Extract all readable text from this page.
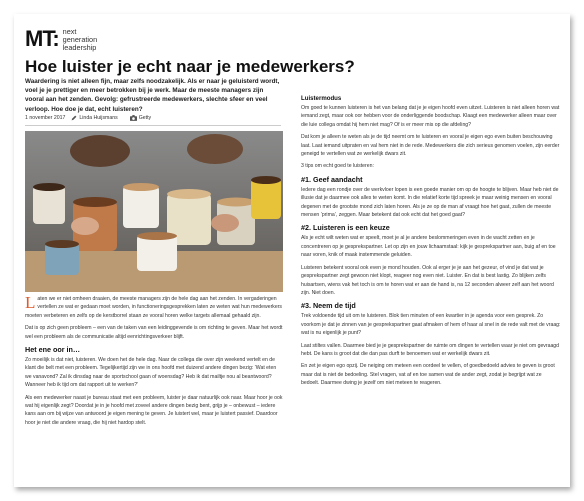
MT: next
generation
leadership
Hoe luister je echt naar je medewerkers?

Waardering is niet alleen fijn, maar zelfs noodzakelijk. Als er naar je geluisterd wordt, voel je je prettiger en meer betrokken bij je werk. Maar de meeste managers zijn vooral aan het zenden. Gevolg: gefrustreerde medewerkers, slechte sfeer en veel verloop. Hoe doe je dat, echt luisteren?

1 november 2017	Linda Huijsmans	Getty

Laten we er niet omheen draaien, de meeste managers zijn de hele dag aan het zenden. In vergaderingen vertellen ze wat er gedaan moet worden, in functioneringsgesprekken laten ze weten wat hun medewerkers moeten verbeteren en zelfs op de kerstborrel staan ze vooral horen welke targets allemaal gehaald zijn.

Dat is op zich geen probleem – een van de taken van een leidinggevende is om richting te geven. Maar het wordt wel een probleem als de communicatie altijd eenrichtingsverkeer blijft.

Het ene oor in…

Zo moeilijk is dat niet, luisteren. We doen het de hele dag. Naar de collega die over zijn weekend vertelt en de klant die belt met een probleem. Tegelijkertijd zijn we in ons hoofd met duizend andere dingen bezig: ‘Wat eten we vanavond? Zal ik dinsdag naar de sportschool gaan of woensdag? Heb ik dat mailtje nou al beantwoord? Wanneer heb ik tijd om dat rapport uit te werken?’

Als een medewerker naast je bureau staat met een probleem, luister je daar natuurlijk ook naar. Maar hoor je ook wat hij eigenlijk zegt? Doordat je in je hoofd met zoveel andere dingen bezig bent, grijp je – onbewust – iedere kans aan om bij wijze van antwoord je eigen mening te geven. Je luistert wel, maar je luistert passief. Daardoor hoor je niet die andere vraag, die hij niet hardop stelt.

Luistermodus

Om goed te kunnen luisteren is het van belang dat je je eigen hoofd even uitzet. Luisteren is niet alleen horen wat iemand zegt, maar ook oor hebben voor de onderliggende boodschap. Klaagt een medewerker alleen maar over die luie collega omdat hij hem niet mag? Of is er meer mis op die afdeling?

Dat kom je alleen te weten als je de tijd neemt om te luisteren en vooral je eigen ego even buiten beschouwing laat. Laat iemand uitpraten en val hem niet in de rede. Medewerkers die zich serieus genomen voelen, zijn eerder geneigd te vertellen wat ze werkelijk dwars zit.

3 tips om echt goed te luisteren:

#1. Geef aandacht

Iedere dag een rondje over de werkvloer lopen is een goede manier om op de hoogte te blijven. Maar heb niet de illusie dat je daarmee ook alles te weten komt. In die relatief korte tijd spreek je maar weinig mensen en vooral degenen met de grootste mond zich laten horen. Als je ze op de man af vraagt hoe het gaat, zullen de meeste mensen ‘prima’, zeggen. Maar betekent dat ook echt dat het goed gaat?

#2. Luisteren is een keuze

Als je echt wilt weten wat er speelt, moet je al je andere beslommeringen even in de wacht zetten en je concentreren op je gesprekspartner. Let op zijn en jouw lichaamstaal: kijk je gesprekspartner aan, buig af en toe naar voren, knik of maak instemmende geluiden.

Luisteren betekent vooral ook even je mond houden. Ook al erger je je aan het gezeur, of vind je dat wat je gesprekspartner zegt gewoon niet klopt, reageer nog even niet. Luister. En dat is best lastig. Zo blijken zelfs huisartsen, wiens vak het toch is om te horen wat er aan de hand is, na 12 seconden alweer zelf aan het woord zijn. Niet doen.

#3. Neem de tijd

Trek voldoende tijd uit om te luisteren. Blok tien minuten of een kwartier in je agenda voor een gesprek. Zo voorkom je dat je zinnen van je gesprekspartner gaat afmaken of hem of haar al snel in de rede valt met de vraag: wat is nu eigenlijk je punt?

Laat stiltes vallen. Daarmee bied je je gesprekspartner de ruimte om dingen te vertellen waar je niet om gevraagd hebt. De kans is groot dat die dan pas durft te benoemen wat er werkelijk dwars zit.

En zet je eigen ego opzij. De neiging om meteen een oordeel te vellen, of goedbedoeld advies te geven is groot maar dat is niet de bedoeling. Stel vragen, vat af en toe samen wat de ander zegt, zodat je begrijpt wat ze bedoelt. Daarmee dwing je jezelf om niet meteen te reageren.
